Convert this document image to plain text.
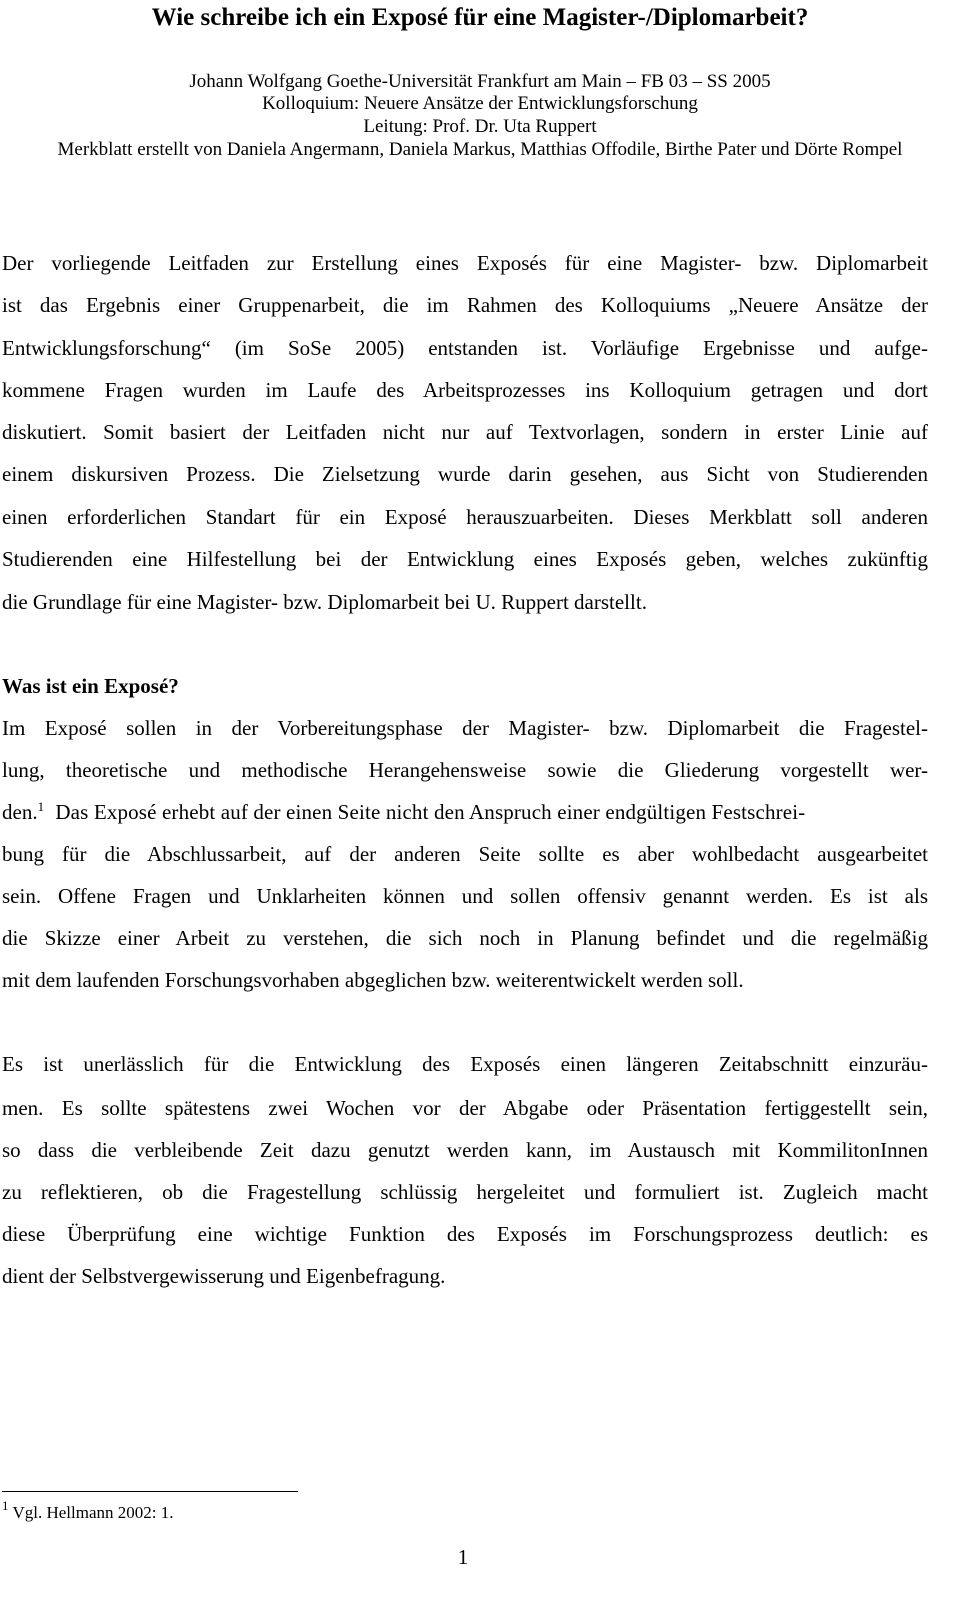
Wie schreibe ich ein Exposé für eine Magister-/Diplomarbeit?
Johann Wolfgang Goethe-Universität Frankfurt am Main – FB 03 – SS 2005
Kolloquium: Neuere Ansätze der Entwicklungsforschung
Leitung: Prof. Dr. Uta Ruppert
Merkblatt erstellt von Daniela Angermann, Daniela Markus, Matthias Offodile, Birthe Pater und Dörte Rompel
Der vorliegende Leitfaden zur Erstellung eines Exposés für eine Magister- bzw. Diplomarbeit
ist das Ergebnis einer Gruppenarbeit, die im Rahmen des Kolloquiums „Neuere Ansätze der
Entwicklungsforschung“ (im SoSe 2005) entstanden ist. Vorläufige Ergebnisse und aufge-
kommene Fragen wurden im Laufe des Arbeitsprozesses ins Kolloquium getragen und dort
diskutiert. Somit basiert der Leitfaden nicht nur auf Textvorlagen, sondern in erster Linie auf
einem diskursiven Prozess. Die Zielsetzung wurde darin gesehen, aus Sicht von Studierenden
einen erforderlichen Standart für ein Exposé herauszuarbeiten. Dieses Merkblatt soll anderen
Studierenden eine Hilfestellung bei der Entwicklung eines Exposés geben, welches zukünftig
die Grundlage für eine Magister- bzw. Diplomarbeit bei U. Ruppert darstellt.
Was ist ein Exposé?
den.$^1$ Das Exposé erhebt auf der einen Seite nicht den Anspruch einer endgültigen Festschrei-
Im Exposé sollen in der Vorbereitungsphase der Magister- bzw. Diplomarbeit die Fragestel-
lung, theoretische und methodische Herangehensweise sowie die Gliederung vorgestellt wer-
bung für die Abschlussarbeit, auf der anderen Seite sollte es aber wohlbedacht ausgearbeitet
sein. Offene Fragen und Unklarheiten können und sollen offensiv genannt werden. Es ist als
die Skizze einer Arbeit zu verstehen, die sich noch in Planung befindet und die regelmäßig
mit dem laufenden Forschungsvorhaben abgeglichen bzw. weiterentwickelt werden soll.
Es ist unerlässlich für die Entwicklung des Exposés einen längeren Zeitabschnitt einzuräu-
men. Es sollte spätestens zwei Wochen vor der Abgabe oder Präsentation fertiggestellt sein,
so dass die verbleibende Zeit dazu genutzt werden kann, im Austausch mit KommilitonInnen
zu reflektieren, ob die Fragestellung schlüssig hergeleitet und formuliert ist. Zugleich macht
diese Überprüfung eine wichtige Funktion des Exposés im Forschungsprozess deutlich: es
dient der Selbstvergewisserung und Eigenbefragung.
$^1$ Vgl. Hellmann 2002: 1.
1
